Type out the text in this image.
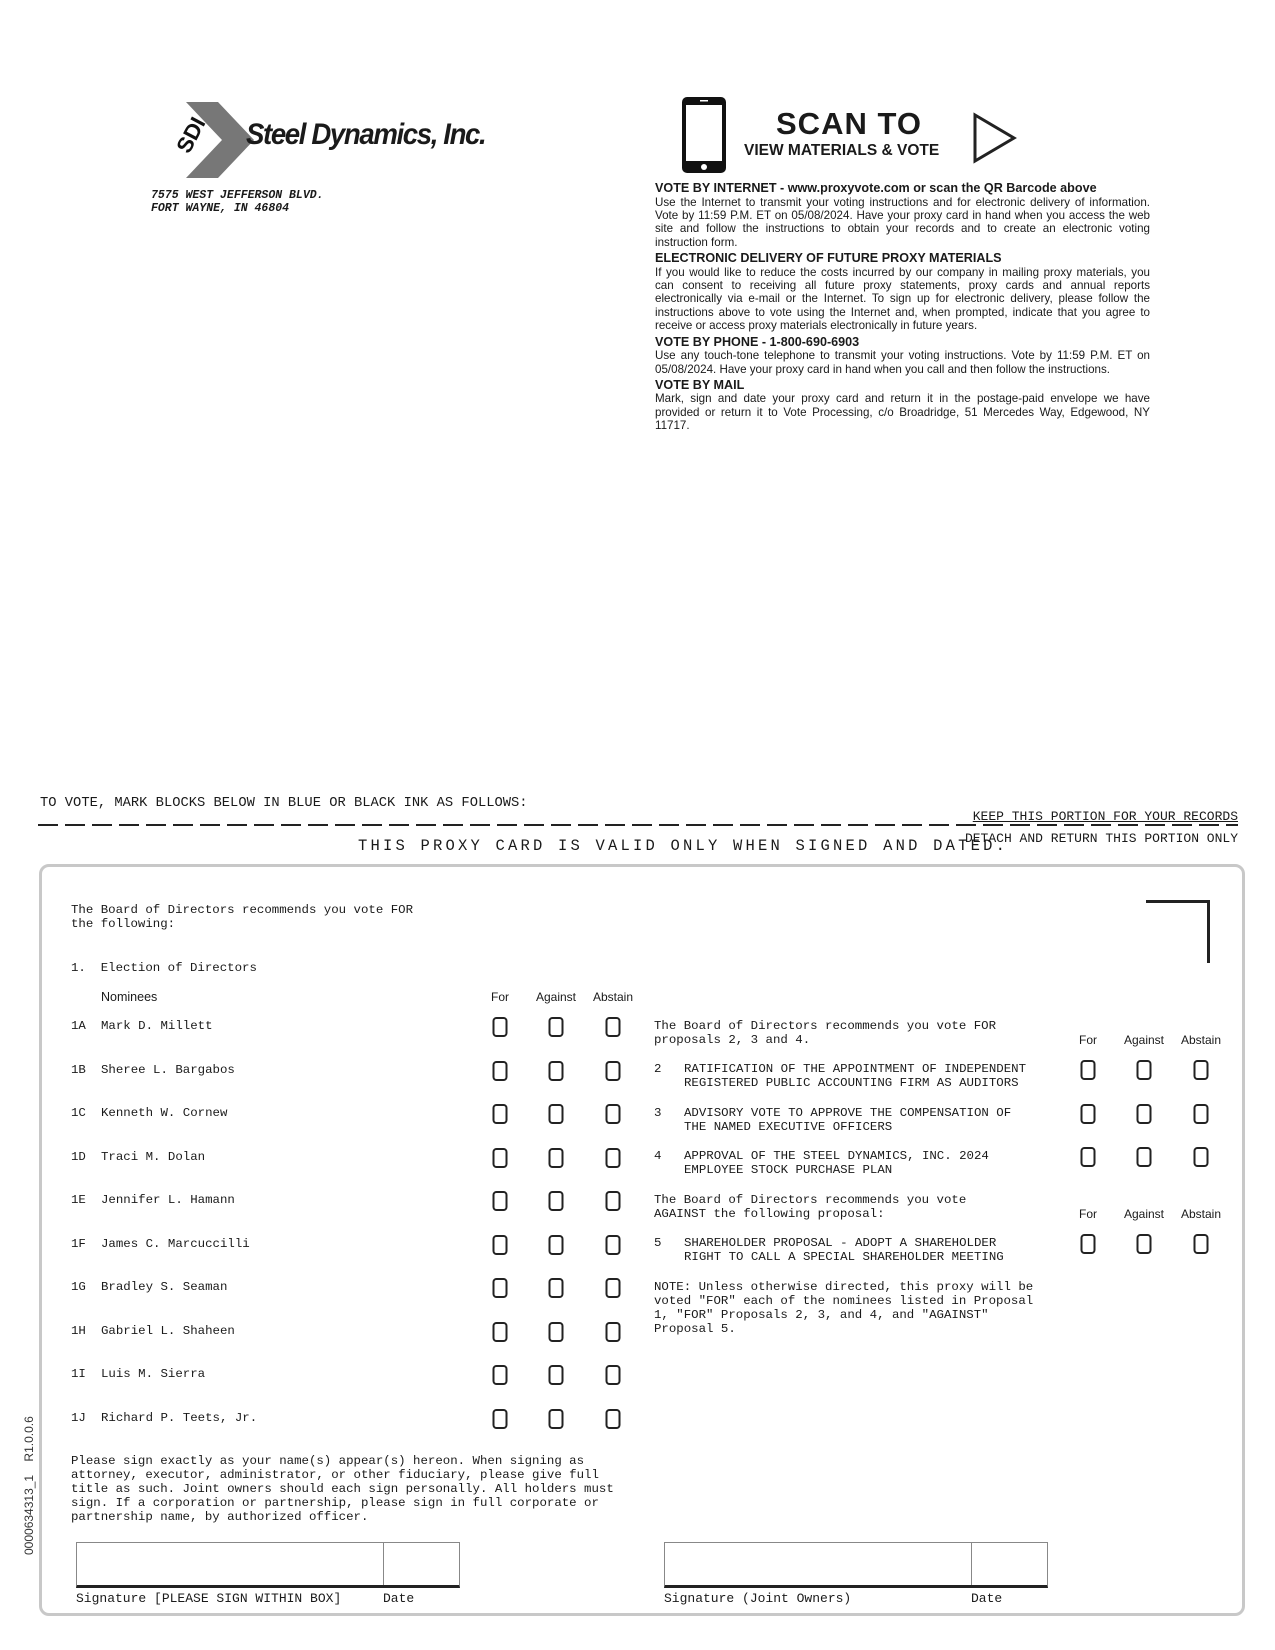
SDI Steel Dynamics, Inc.
7575 WEST JEFFERSON BLVD.
FORT WAYNE, IN 46804
SCAN TO
VIEW MATERIALS & VOTE
VOTE BY INTERNET - www.proxyvote.com or scan the QR Barcode above

Use the Internet to transmit your voting instructions and for electronic delivery of information. Vote by 11:59 P.M. ET on 05/08/2024. Have your proxy card in hand when you access the web site and follow the instructions to obtain your records and to create an electronic voting instruction form.

ELECTRONIC DELIVERY OF FUTURE PROXY MATERIALS

If you would like to reduce the costs incurred by our company in mailing proxy materials, you can consent to receiving all future proxy statements, proxy cards and annual reports electronically via e-mail or the Internet. To sign up for electronic delivery, please follow the instructions above to vote using the Internet and, when prompted, indicate that you agree to receive or access proxy materials electronically in future years.

VOTE BY PHONE - 1-800-690-6903

Use any touch-tone telephone to transmit your voting instructions. Vote by 11:59 P.M. ET on 05/08/2024. Have your proxy card in hand when you call and then follow the instructions.

VOTE BY MAIL

Mark, sign and date your proxy card and return it in the postage-paid envelope we have provided or return it to Vote Processing, c/o Broadridge, 51 Mercedes Way, Edgewood, NY 11717.

TO VOTE, MARK BLOCKS BELOW IN BLUE OR BLACK INK AS FOLLOWS:
KEEP THIS PORTION FOR YOUR RECORDS
DETACH AND RETURN THIS PORTION ONLY
THIS PROXY CARD IS VALID ONLY WHEN SIGNED AND DATED.
The Board of Directors recommends you vote FOR
the following:
1.  Election of Directors
Nominees	For Against Abstain
1A Mark D. Millett
1B Sheree L. Bargabos
1C Kenneth W. Cornew
1D Traci M. Dolan
1E Jennifer L. Hamann
1F James C. Marcuccilli
1G Bradley S. Seaman
1H Gabriel L. Shaheen
1I Luis M. Sierra
1J Richard P. Teets, Jr.
The Board of Directors recommends you vote FOR
proposals 2, 3 and 4.	For Against Abstain
For Against Abstain
2 RATIFICATION OF THE APPOINTMENT OF INDEPENDENT
REGISTERED PUBLIC ACCOUNTING FIRM AS AUDITORS
3 ADVISORY VOTE TO APPROVE THE COMPENSATION OF
THE NAMED EXECUTIVE OFFICERS
4 APPROVAL OF THE STEEL DYNAMICS, INC. 2024
EMPLOYEE STOCK PURCHASE PLAN
5 SHAREHOLDER PROPOSAL - ADOPT A SHAREHOLDER
RIGHT TO CALL A SPECIAL SHAREHOLDER MEETING
The Board of Directors recommends you vote
AGAINST the following proposal:
NOTE: Unless otherwise directed, this proxy will be
voted "FOR" each of the nominees listed in Proposal
1, "FOR" Proposals 2, 3, and 4, and "AGAINST"
Proposal 5.
Please sign exactly as your name(s) appear(s) hereon. When signing as
attorney, executor, administrator, or other fiduciary, please give full
title as such. Joint owners should each sign personally. All holders must
sign. If a corporation or partnership, please sign in full corporate or
partnership name, by authorized officer.
Signature [PLEASE SIGN WITHIN BOX]	Date	Signature (Joint Owners)	Date
0000634313_1    R1.0.0.6
